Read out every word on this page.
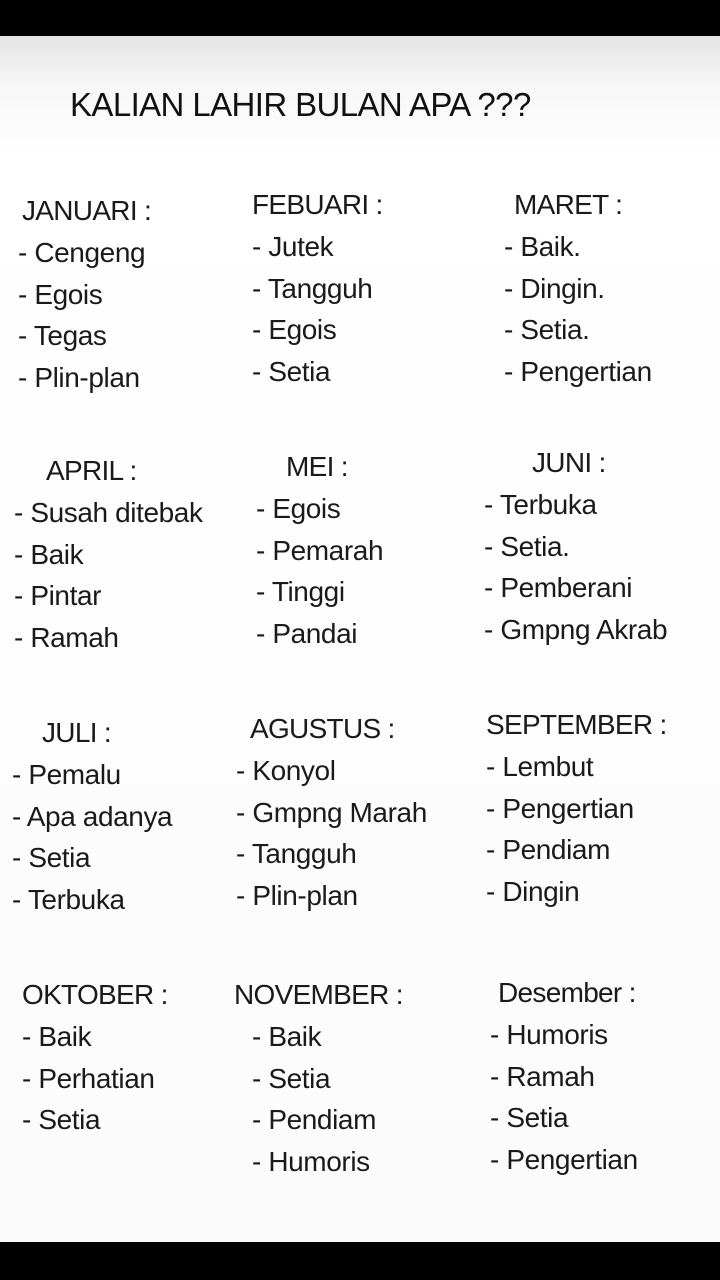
KALIAN LAHIR BULAN APA ???
JANUARI :
- Cengeng
- Egois
- Tegas
- Plin-plan
FEBUARI :
- Jutek
- Tangguh
- Egois
- Setia
MARET :
- Baik.
- Dingin.
- Setia.
- Pengertian
APRIL :
- Susah ditebak
- Baik
- Pintar
- Ramah
MEI :
- Egois
- Pemarah
- Tinggi
- Pandai
JUNI :
- Terbuka
- Setia.
- Pemberani
- Gmpng Akrab
JULI :
- Pemalu
- Apa adanya
- Setia
- Terbuka
AGUSTUS :
- Konyol
- Gmpng Marah
- Tangguh
- Plin-plan
SEPTEMBER :
- Lembut
- Pengertian
- Pendiam
- Dingin
OKTOBER :
- Baik
- Perhatian
- Setia
NOVEMBER :
- Baik
- Setia
- Pendiam
- Humoris
Desember :
- Humoris
- Ramah
- Setia
- Pengertian
